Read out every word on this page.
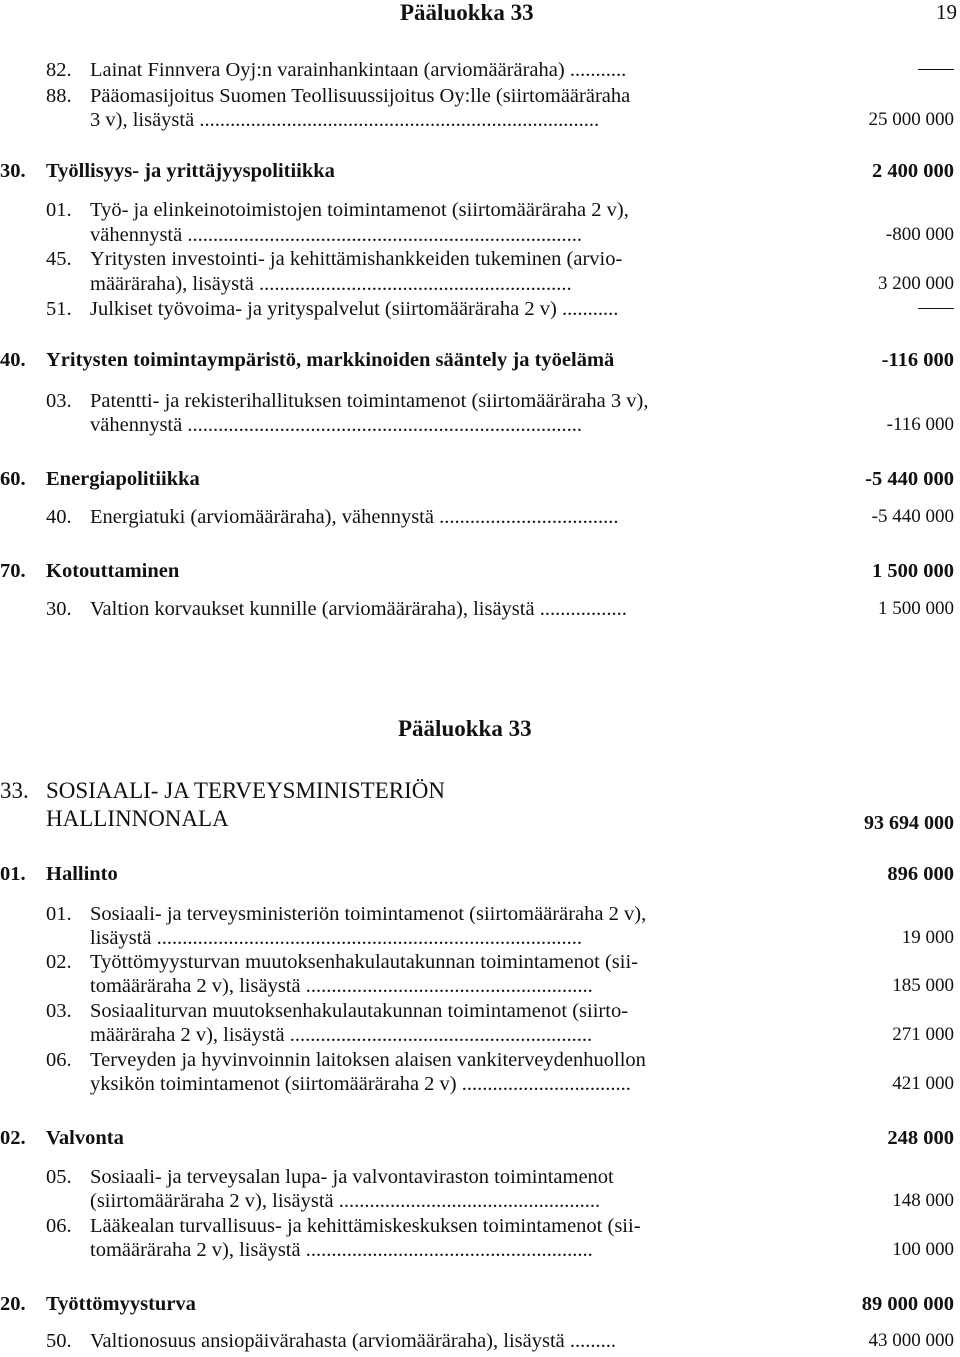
Pääluokka 33	19
82. Lainat Finnvera Oyj:n varainhankintaan (arviomääräraha) ...........
88. Pääomasijoitus Suomen Teollisuussijoitus Oy:lle (siirtomääräraha
3 v), lisäystä ..............................................................................	25 000 000
30. Työllisyys- ja yrittäjyyspolitiikka	2 400 000
01. Työ- ja elinkeinotoimistojen toimintamenot (siirtomääräraha 2 v),
vähennystä .............................................................................	-800 000
45. Yritysten investointi- ja kehittämishankkeiden tukeminen (arvio-
määräraha), lisäystä .............................................................	3 200 000
51. Julkiset työvoima- ja yrityspalvelut (siirtomääräraha 2 v) ...........
40. Yritysten toimintaympäristö, markkinoiden sääntely ja työelämä	-116 000
03. Patentti- ja rekisterihallituksen toimintamenot (siirtomääräraha 3 v),
vähennystä .............................................................................	-116 000
60. Energiapolitiikka	-5 440 000
40. Energiatuki (arviomääräraha), vähennystä ...................................	-5 440 000
70. Kotouttaminen	1 500 000
30. Valtion korvaukset kunnille (arviomääräraha), lisäystä .................	1 500 000
Pääluokka 33
33. SOSIAALI- JA TERVEYSMINISTERIÖN
HALLINNONALA	93 694 000
01. Hallinto	896 000
01. Sosiaali- ja terveysministeriön toimintamenot (siirtomääräraha 2 v),
lisäystä ...................................................................................	19 000
02. Työttömyysturvan muutoksenhakulautakunnan toimintamenot (sii-
tomääräraha 2 v), lisäystä ........................................................	185 000
03. Sosiaaliturvan muutoksenhakulautakunnan toimintamenot (siirto-
määräraha 2 v), lisäystä ...........................................................	271 000
06. Terveyden ja hyvinvoinnin laitoksen alaisen vankiterveydenhuollon
yksikön toimintamenot (siirtomääräraha 2 v) .................................	421 000
02. Valvonta	248 000
05. Sosiaali- ja terveysalan lupa- ja valvontaviraston toimintamenot
(siirtomääräraha 2 v), lisäystä ...................................................	148 000
06. Lääkealan turvallisuus- ja kehittämiskeskuksen toimintamenot (sii-
tomääräraha 2 v), lisäystä ........................................................	100 000
20. Työttömyysturva	89 000 000
50. Valtionosuus ansiopäivärahasta (arviomääräraha), lisäystä .........	43 000 000
